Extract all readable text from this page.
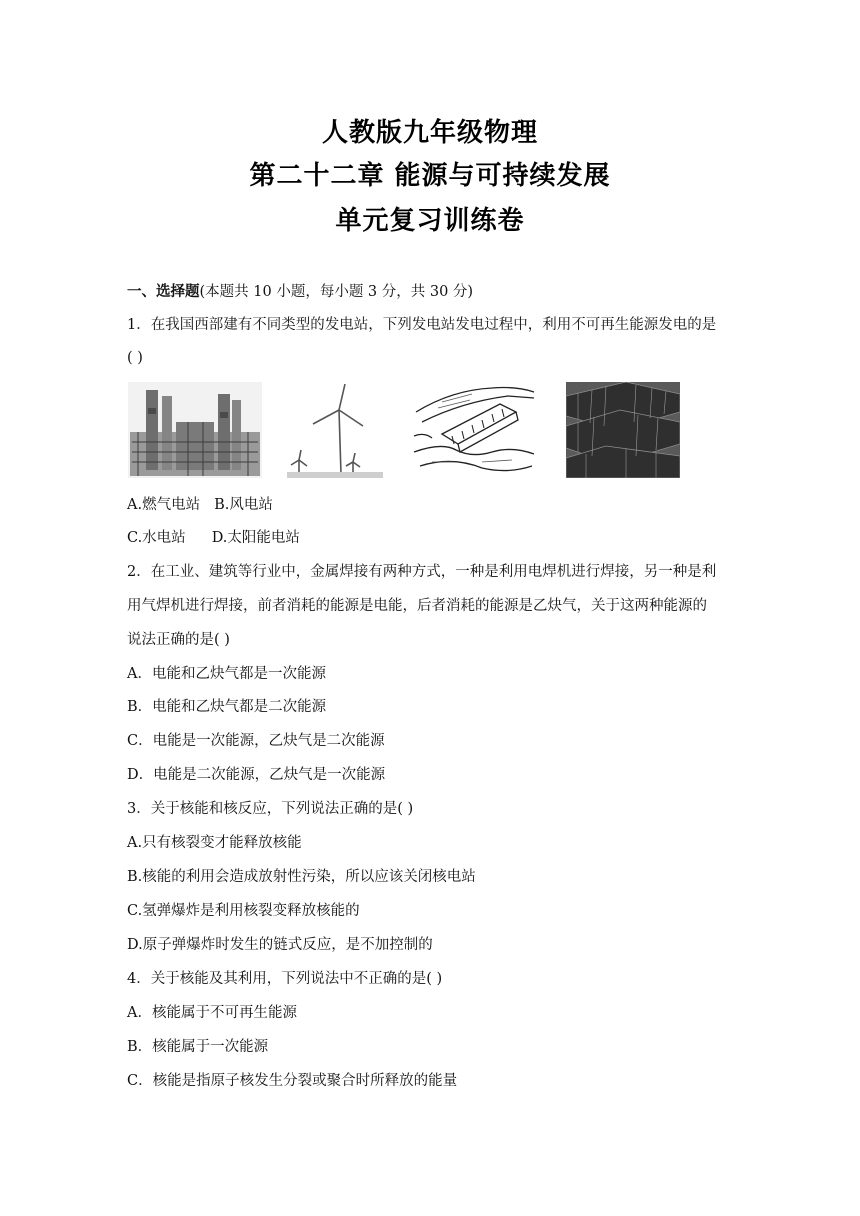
人教版九年级物理
第二十二章 能源与可持续发展
单元复习训练卷
一、选择题(本题共 10 小题，每小题 3 分，共 30 分)
1．在我国西部建有不同类型的发电站，下列发电站发电过程中，利用不可再生能源发电的是
( )
A.燃气电站 B.风电站
C.水电站 D.太阳能电站
2．在工业、建筑等行业中，金属焊接有两种方式，一种是利用电焊机进行焊接，另一种是利
用气焊机进行焊接，前者消耗的能源是电能，后者消耗的能源是乙炔气，关于这两种能源的
说法正确的是( )
A．电能和乙炔气都是一次能源
B．电能和乙炔气都是二次能源
C．电能是一次能源，乙炔气是二次能源
D．电能是二次能源，乙炔气是一次能源
3．关于核能和核反应，下列说法正确的是( )
A.只有核裂变才能释放核能
B.核能的利用会造成放射性污染，所以应该关闭核电站
C.氢弹爆炸是利用核裂变释放核能的
D.原子弹爆炸时发生的链式反应，是不加控制的
4．关于核能及其利用，下列说法中不正确的是( )
A．核能属于不可再生能源
B．核能属于一次能源
C．核能是指原子核发生分裂或聚合时所释放的能量
